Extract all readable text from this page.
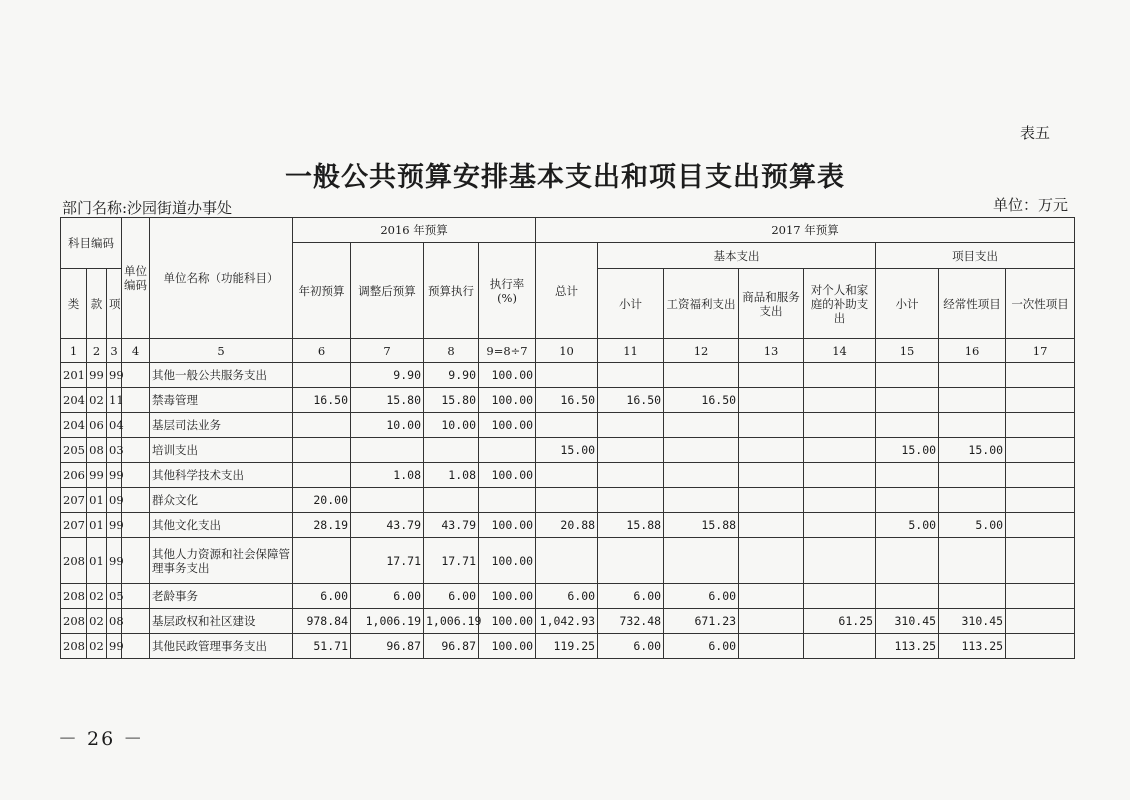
表五
一般公共预算安排基本支出和项目支出预算表
部门名称:沙园街道办事处	单位：万元
科目编码			单位编码	单位名称（功能科目）	2016 年预算				2017 年预算							
					年初预算	调整后预算	预算执行	执行率(%)	总计	基本支出				项目支出		
类	款	项								小计	工资福利支出	商品和服务支出	对个人和家庭的补助支出	小计	经常性项目	一次性项目
1	2	3	4	5	6	7	8	9=8÷7	10	11	12	13	14	15	16	17
201	99	99		其他一般公共服务支出		9.90	9.90	100.00								
204	02	11		禁毒管理	16.50	15.80	15.80	100.00	16.50	16.50	16.50					
204	06	04		基层司法业务		10.00	10.00	100.00								
205	08	03		培训支出					15.00					15.00	15.00	
206	99	99		其他科学技术支出		1.08	1.08	100.00								
207	01	09		群众文化	20.00											
207	01	99		其他文化支出	28.19	43.79	43.79	100.00	20.88	15.88	15.88			5.00	5.00	
208	01	99		其他人力资源和社会保障管理事务支出		17.71	17.71	100.00								
208	02	05		老龄事务	6.00	6.00	6.00	100.00	6.00	6.00	6.00					
208	02	08		基层政权和社区建设	978.84	1,006.19	1,006.19	100.00	1,042.93	732.48	671.23		61.25	310.45	310.45	
208	02	99		其他民政管理事务支出	51.71	96.87	96.87	100.00	119.25	6.00	6.00			113.25	113.25	
－ 26 －
